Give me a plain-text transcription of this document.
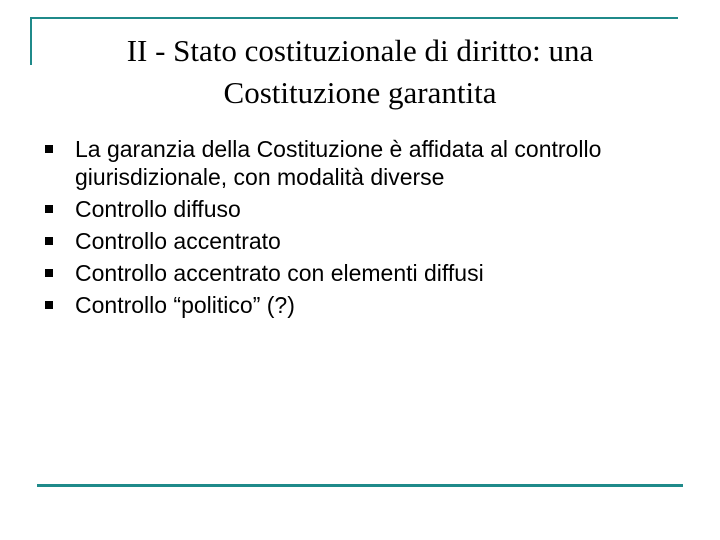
II - Stato costituzionale di diritto: una
Costituzione garantita
La garanzia della Costituzione è affidata al controllo giurisdizionale, con modalità diverse
Controllo diffuso
Controllo accentrato
Controllo accentrato con elementi diffusi
Controllo “politico” (?)
